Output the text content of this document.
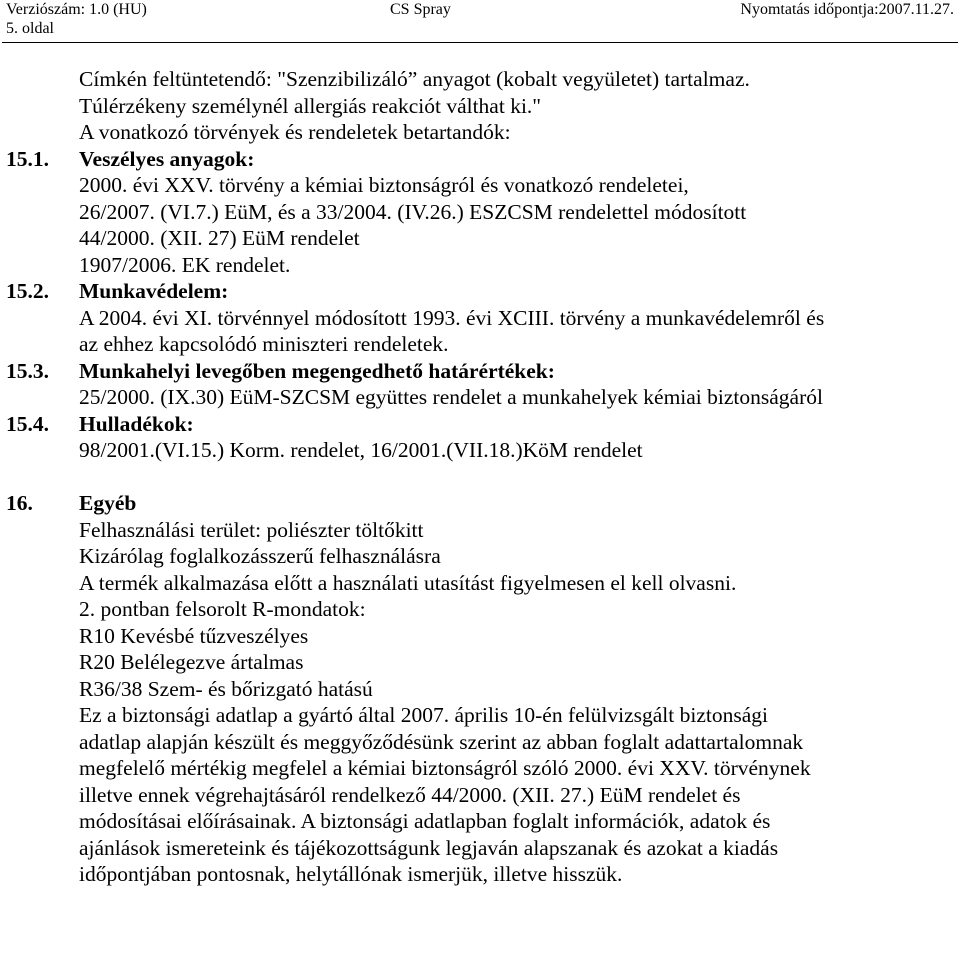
Verziószám: 1.0 (HU)	CS Spray	Nyomtatás időpontja:2007.11.27.
5. oldal
Címkén feltüntetendő: "Szenzibilizáló” anyagot (kobalt vegyületet) tartalmaz.
Túlérzékeny személynél allergiás reakciót válthat ki."
A vonatkozó törvények és rendeletek betartandók:
15.1. Veszélyes anyagok:
2000. évi XXV. törvény a kémiai biztonságról és vonatkozó rendeletei,
26/2007. (VI.7.) EüM, és a 33/2004. (IV.26.) ESZCSM rendelettel módosított
44/2000. (XII. 27) EüM rendelet
1907/2006. EK rendelet.
15.2. Munkavédelem:
A 2004. évi XI. törvénnyel módosított 1993. évi XCIII. törvény a munkavédelemről és
az ehhez kapcsolódó miniszteri rendeletek.
15.3. Munkahelyi levegőben megengedhető határértékek:
25/2000. (IX.30) EüM-SZCSM együttes rendelet a munkahelyek kémiai biztonságáról
15.4. Hulladékok:
98/2001.(VI.15.) Korm. rendelet, 16/2001.(VII.18.)KöM rendelet
16. Egyéb
Felhasználási terület: poliészter töltőkitt
Kizárólag foglalkozásszerű felhasználásra
A termék alkalmazása előtt a használati utasítást figyelmesen el kell olvasni.
2. pontban felsorolt R-mondatok:
R10 Kevésbé tűzveszélyes
R20 Belélegezve ártalmas
R36/38 Szem- és bőrizgató hatású
Ez a biztonsági adatlap a gyártó által 2007. április 10-én felülvizsgált biztonsági
adatlap alapján készült és meggyőződésünk szerint az abban foglalt adattartalomnak
megfelelő mértékig megfelel a kémiai biztonságról szóló 2000. évi XXV. törvénynek
illetve ennek végrehajtásáról rendelkező 44/2000. (XII. 27.) EüM rendelet és
módosításai előírásainak. A biztonsági adatlapban foglalt információk, adatok és
ajánlások ismereteink és tájékozottságunk legjaván alapszanak és azokat a kiadás
időpontjában pontosnak, helytállónak ismerjük, illetve hisszük.
